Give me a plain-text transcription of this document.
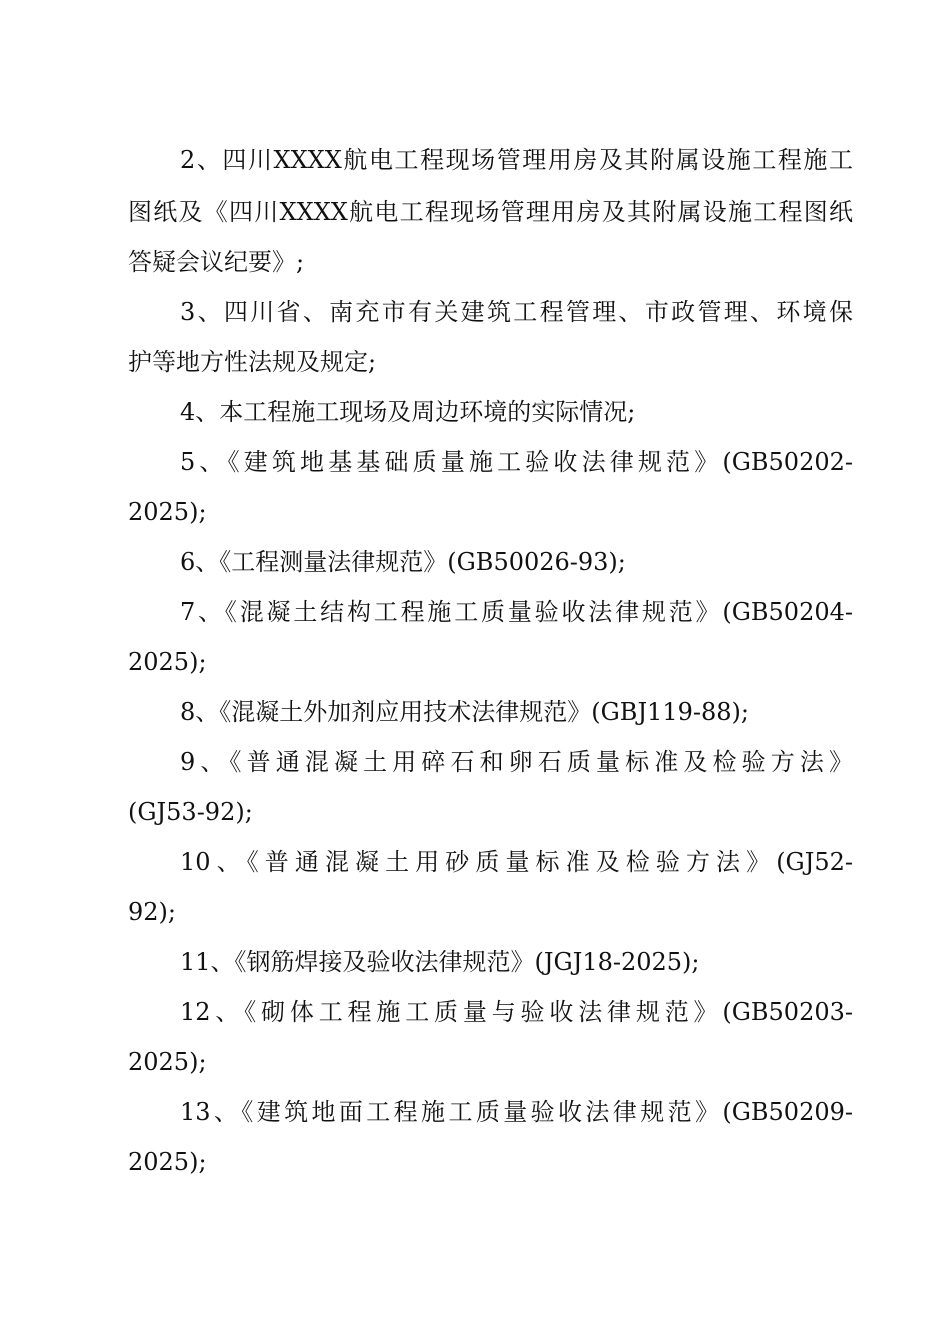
2、四川XXXX航电工程现场管理用房及其附属设施工程施工
图纸及《四川XXXX航电工程现场管理用房及其附属设施工程图纸
答疑会议纪要》;
3、四川省、南充市有关建筑工程管理、市政管理、环境保
护等地方性法规及规定;
4、本工程施工现场及周边环境的实际情况;
5、《建筑地基基础质量施工验收法律规范》(GB50202-
2025);
6、《工程测量法律规范》(GB50026-93);
7、《混凝土结构工程施工质量验收法律规范》(GB50204-
2025);
8、《混凝土外加剂应用技术法律规范》(GBJ119-88);
9、《普通混凝土用碎石和卵石质量标准及检验方法》
(GJ53-92);
10、《普通混凝土用砂质量标准及检验方法》(GJ52-
92);
11、《钢筋焊接及验收法律规范》(JGJ18-2025);
12、《砌体工程施工质量与验收法律规范》(GB50203-
2025);
13、《建筑地面工程施工质量验收法律规范》(GB50209-
2025);
